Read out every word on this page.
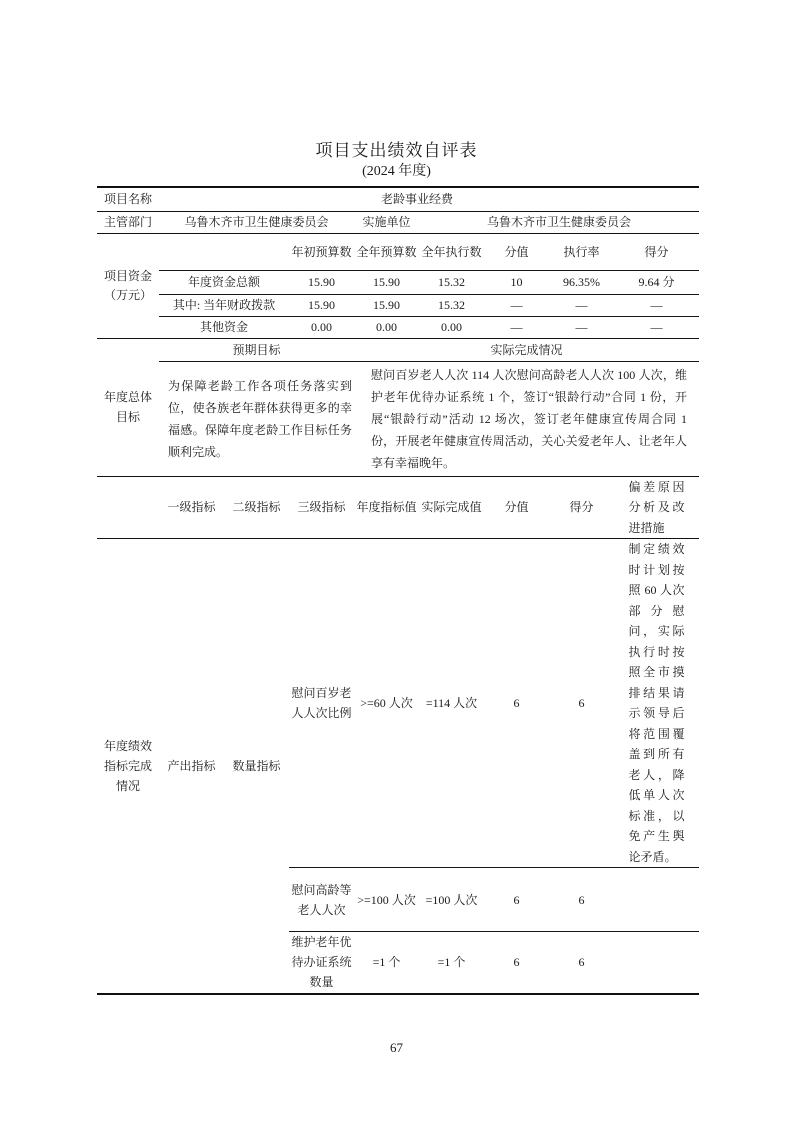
项目支出绩效自评表
(2024 年度)
项目名称	老龄事业经费							
主管部门	乌鲁木齐市卫生健康委员会			实施单位	乌鲁木齐市卫生健康委员会			

项目资金
（万元）			年初预算数	全年预算数	全年执行数	分值	执行率	得分
	年度资金总额		15.90	15.90	15.32	10	96.35%	9.64 分
	其中: 当年财政拨款		15.90	15.90	15.32	—	—	—
	其他资金		0.00	0.00	0.00	—	—	—
年度总体目标	预期目标			实际完成情况				
	为保障老龄工作各项任务落实到位，使各族老年群体获得更多的幸福感。保障年度老龄工作目标任务顺利完成。			慰问百岁老人人次 114 人次慰问高龄老人人次 100 人次，维护老年优待办证系统 1 个，签订“银龄行动”合同 1 份，开展“银龄行动”活动 12 场次，签订老年健康宣传周合同 1 份，开展老年健康宣传周活动，关心关爱老年人、让老年人享有幸福晚年。				
	一级指标	二级指标	三级指标	年度指标值	实际完成值	分值	得分	偏差原因分析及改进措施

年度绩效指标完成情况	产出指标	数量指标	慰问百岁老人人次比例	>=60 人次	=114 人次	6	6	制定绩效时计划按照 60 人次部分慰问，实际执行时按照全市摸排结果请示领导后将范围覆盖到所有老人，降低单人次标准，以免产生舆论矛盾。

			慰问高龄等老人人次	>=100 人次	=100 人次	6	6	
			维护老年优待办证系统数量	=1 个	=1 个	6	6	
67
